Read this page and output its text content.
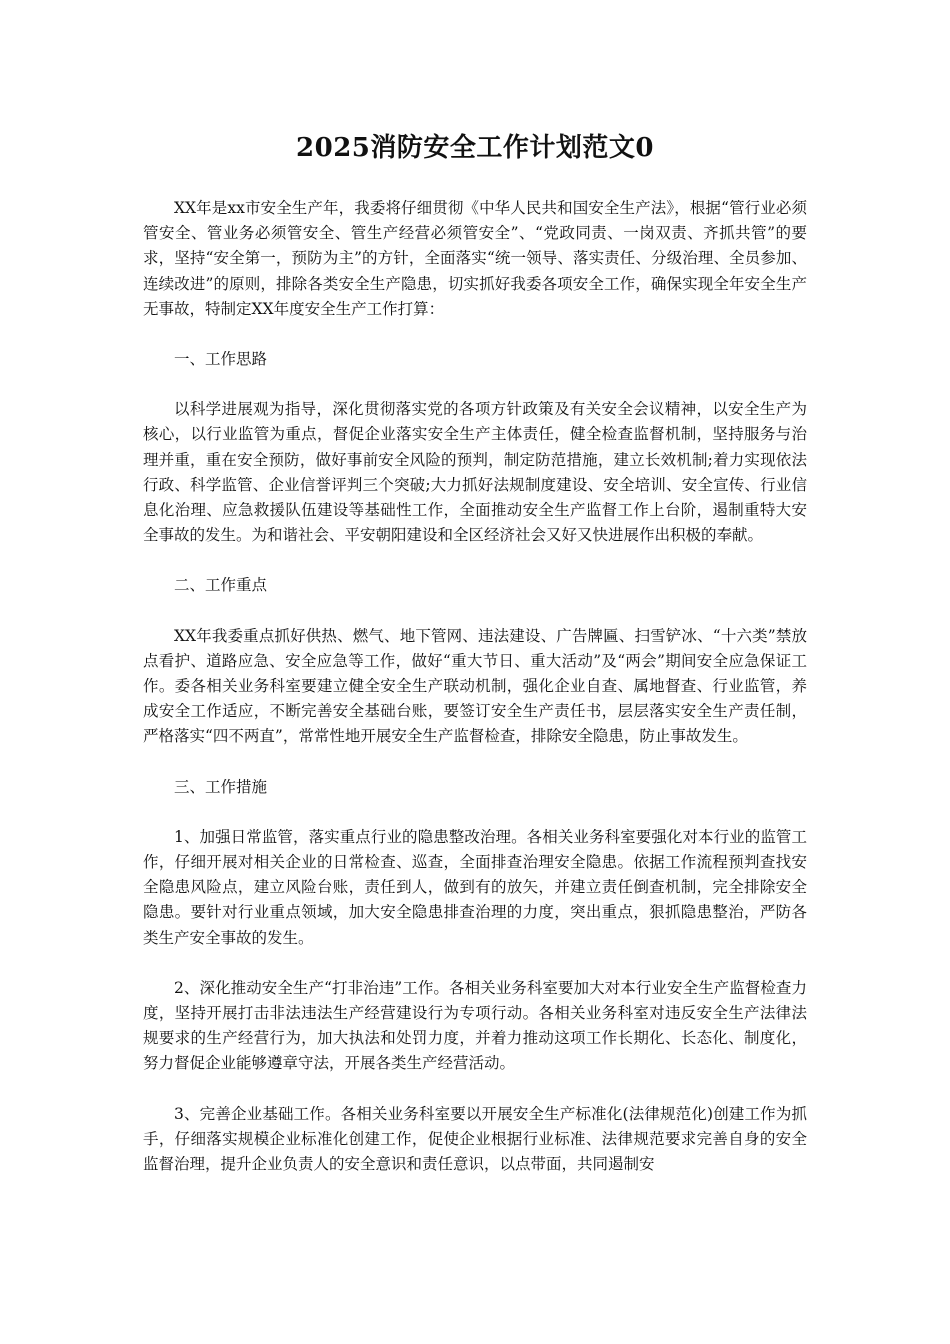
2025消防安全工作计划范文0

XX年是xx市安全生产年，我委将仔细贯彻《中华人民共和国安全生产法》，根据“管行业必须管安全、管业务必须管安全、管生产经营必须管安全”、“党政同责、一岗双责、齐抓共管”的要求，坚持“安全第一，预防为主”的方针，全面落实“统一领导、落实责任、分级治理、全员参加、连续改进”的原则，排除各类安全生产隐患，切实抓好我委各项安全工作，确保实现全年安全生产无事故，特制定XX年度安全生产工作打算：

一、工作思路

以科学进展观为指导，深化贯彻落实党的各项方针政策及有关安全会议精神，以安全生产为核心，以行业监管为重点，督促企业落实安全生产主体责任，健全检查监督机制，坚持服务与治理并重，重在安全预防，做好事前安全风险的预判，制定防范措施，建立长效机制;着力实现依法行政、科学监管、企业信誉评判三个突破;大力抓好法规制度建设、安全培训、安全宣传、行业信息化治理、应急救援队伍建设等基础性工作，全面推动安全生产监督工作上台阶，遏制重特大安全事故的发生。为和谐社会、平安朝阳建设和全区经济社会又好又快进展作出积极的奉献。

二、工作重点

XX年我委重点抓好供热、燃气、地下管网、违法建设、广告牌匾、扫雪铲冰、“十六类”禁放点看护、道路应急、安全应急等工作，做好“重大节日、重大活动”及“两会”期间安全应急保证工作。委各相关业务科室要建立健全安全生产联动机制，强化企业自查、属地督查、行业监管，养成安全工作适应，不断完善安全基础台账，要签订安全生产责任书，层层落实安全生产责任制，严格落实“四不两直”，常常性地开展安全生产监督检查，排除安全隐患，防止事故发生。

三、工作措施

1、加强日常监管，落实重点行业的隐患整改治理。各相关业务科室要强化对本行业的监管工作，仔细开展对相关企业的日常检查、巡查，全面排查治理安全隐患。依据工作流程预判查找安全隐患风险点，建立风险台账，责任到人，做到有的放矢，并建立责任倒查机制，完全排除安全隐患。要针对行业重点领域，加大安全隐患排查治理的力度，突出重点，狠抓隐患整治，严防各类生产安全事故的发生。

2、深化推动安全生产“打非治违”工作。各相关业务科室要加大对本行业安全生产监督检查力度，坚持开展打击非法违法生产经营建设行为专项行动。各相关业务科室对违反安全生产法律法规要求的生产经营行为，加大执法和处罚力度，并着力推动这项工作长期化、长态化、制度化，努力督促企业能够遵章守法，开展各类生产经营活动。

3、完善企业基础工作。各相关业务科室要以开展安全生产标准化(法律规范化)创建工作为抓手，仔细落实规模企业标准化创建工作，促使企业根据行业标准、法律规范要求完善自身的安全监督治理，提升企业负责人的安全意识和责任意识，以点带面，共同遏制安
